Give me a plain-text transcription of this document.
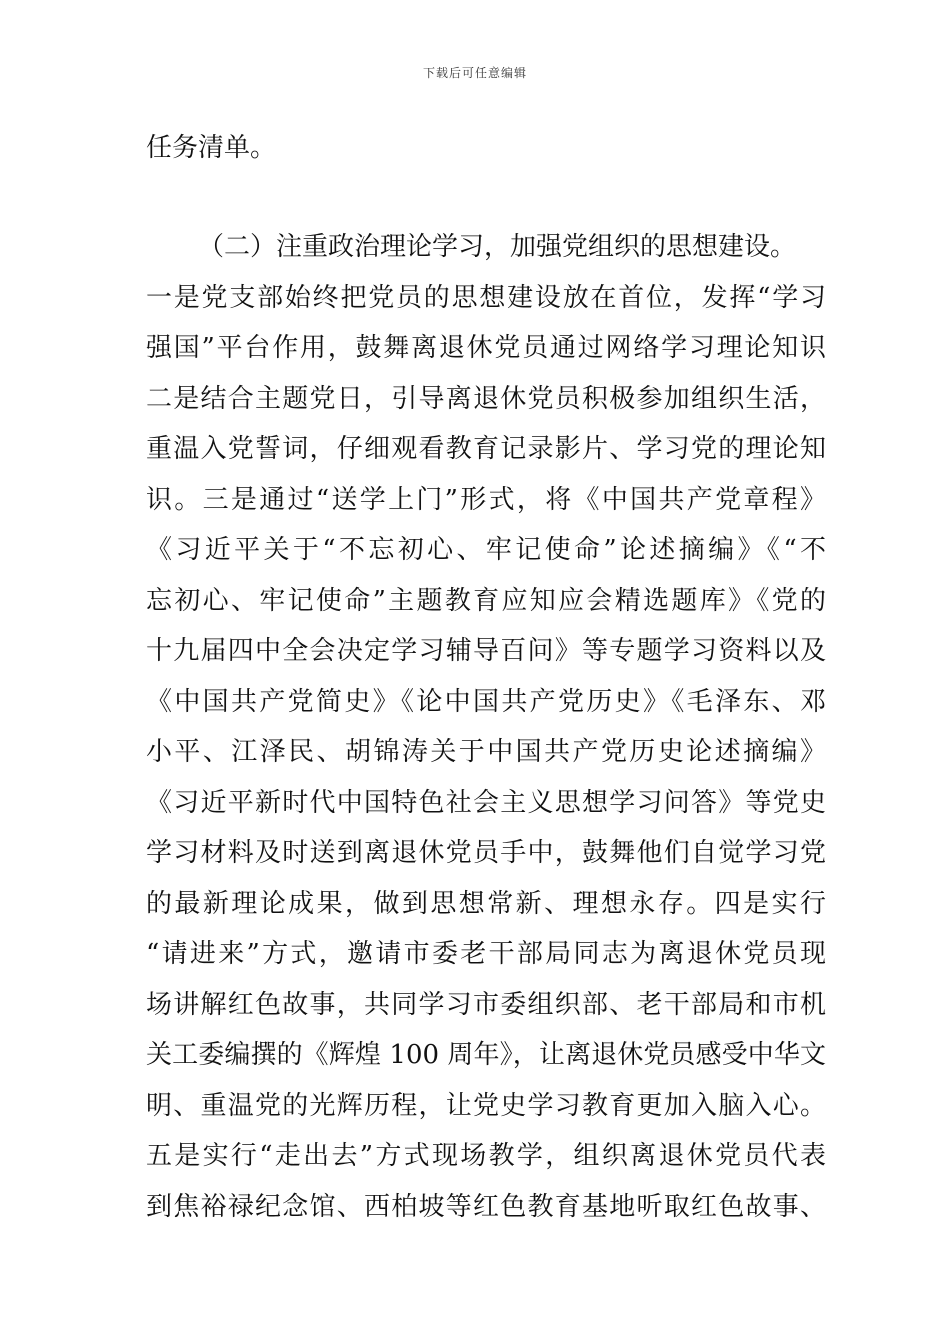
下载后可任意编辑
任务清单。
（二）注重政治理论学习，加强党组织的思想建设。
一是党支部始终把党员的思想建设放在首位，发挥“学习
强国”平台作用，鼓舞离退休党员通过网络学习理论知识
二是结合主题党日，引导离退休党员积极参加组织生活，
重温入党誓词，仔细观看教育记录影片、学习党的理论知
识。三是通过“送学上门”形式，将《中国共产党章程》
《习近平关于“不忘初心、牢记使命”论述摘编》《“不
忘初心、牢记使命”主题教育应知应会精选题库》《党的
十九届四中全会决定学习辅导百问》等专题学习资料以及
《中国共产党简史》《论中国共产党历史》《毛泽东、邓
小平、江泽民、胡锦涛关于中国共产党历史论述摘编》
《习近平新时代中国特色社会主义思想学习问答》等党史
学习材料及时送到离退休党员手中，鼓舞他们自觉学习党
的最新理论成果，做到思想常新、理想永存。四是实行
“请进来”方式，邀请市委老干部局同志为离退休党员现
场讲解红色故事，共同学习市委组织部、老干部局和市机
关工委编撰的《辉煌 100 周年》，让离退休党员感受中华文
明、重温党的光辉历程，让党史学习教育更加入脑入心。
五是实行“走出去”方式现场教学，组织离退休党员代表
到焦裕禄纪念馆、西柏坡等红色教育基地听取红色故事、
